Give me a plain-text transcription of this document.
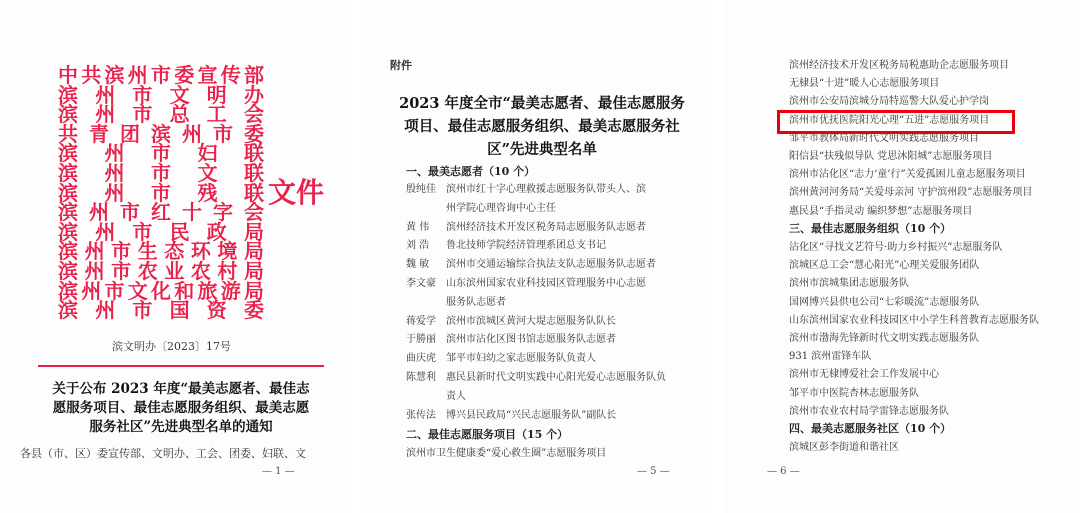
中共滨州市委宣传部
滨 州 市 文 明 办
滨 州 市 总 工 会
共青团滨州市委
滨 州 市 妇 联
滨 州 市 文 联
滨 州 市 残 联
滨州市红十字会
滨 州 市 民 政 局
滨州市生态环境局
滨州市农业农村局
滨州市文化和旅游局
滨 州 市 国 资 委
文件
滨文明办〔2023〕17号
关于公布 2023 年度“最美志愿者、最佳志愿服务项目、最佳志愿服务组织、最美志愿服务社区”先进典型名单的通知
各县（市、区）委宣传部、文明办、工会、团委、妇联、文
— 1 —
附件
2023 年度全市“最美志愿者、最佳志愿服务项目、最佳志愿服务组织、最美志愿服务社区”先进典型名单
一、最美志愿者（10 个）
殷纯佳 滨州市红十字心理救援志愿服务队带头人、滨
州学院心理咨询中心主任
黄 伟 滨州经济技术开发区税务局志愿服务队志愿者
刘 浩 鲁北技师学院经济管理系团总支书记
魏 敏 滨州市交通运输综合执法支队志愿服务队志愿者
李文豪 山东滨州国家农业科技园区管理服务中心志愿
服务队志愿者
蒋爱学 滨州市滨城区黄河大堤志愿服务队队长
于勝丽 滨州市沾化区图书馆志愿服务队志愿者
曲庆虎 邹平市妇幼之家志愿服务队负责人
陈慧利 惠民县新时代文明实践中心阳光爱心志愿服务队负
责人
张传法 博兴县民政局“兴民志愿服务队”副队长
二、最佳志愿服务项目（15 个）
滨州市卫生健康委“爱心救生圈”志愿服务项目
— 5 —
滨州经济技术开发区税务局税惠助企志愿服务项目
无棣县“十进”暖人心志愿服务项目
滨州市公安局滨城分局特巡警大队爱心护学岗
滨州市优抚医院阳光心理“五进”志愿服务项目
邹平市教体局新时代文明实践志愿服务项目
阳信县“扶残似导队 党思沐阳城”志愿服务项目
滨州市沾化区“志力‘童’行”关爱孤困儿童志愿服务项目
滨州黄河河务局“关爱母亲河 守护滨州段”志愿服务项目
惠民县“手指灵动 编织梦想”志愿服务项目
三、最佳志愿服务组织（10 个）
沾化区“寻找文艺符号·助力乡村振兴”志愿服务队
滨城区总工会“慧心阳光”心理关爱服务团队
滨州市滨城集团志愿服务队
国网博兴县供电公司“七彩暖流”志愿服务队
山东滨州国家农业科技园区中小学生科普教育志愿服务队
滨州市渤海先锋新时代文明实践志愿服务队
931 滨州雷锋车队
滨州市无棣博爱社会工作发展中心
邹平市中医院杏林志愿服务队
滨州市农业农村局学雷锋志愿服务队
四、最美志愿服务社区（10 个）
滨城区彭李街道和谐社区
— 6 —
